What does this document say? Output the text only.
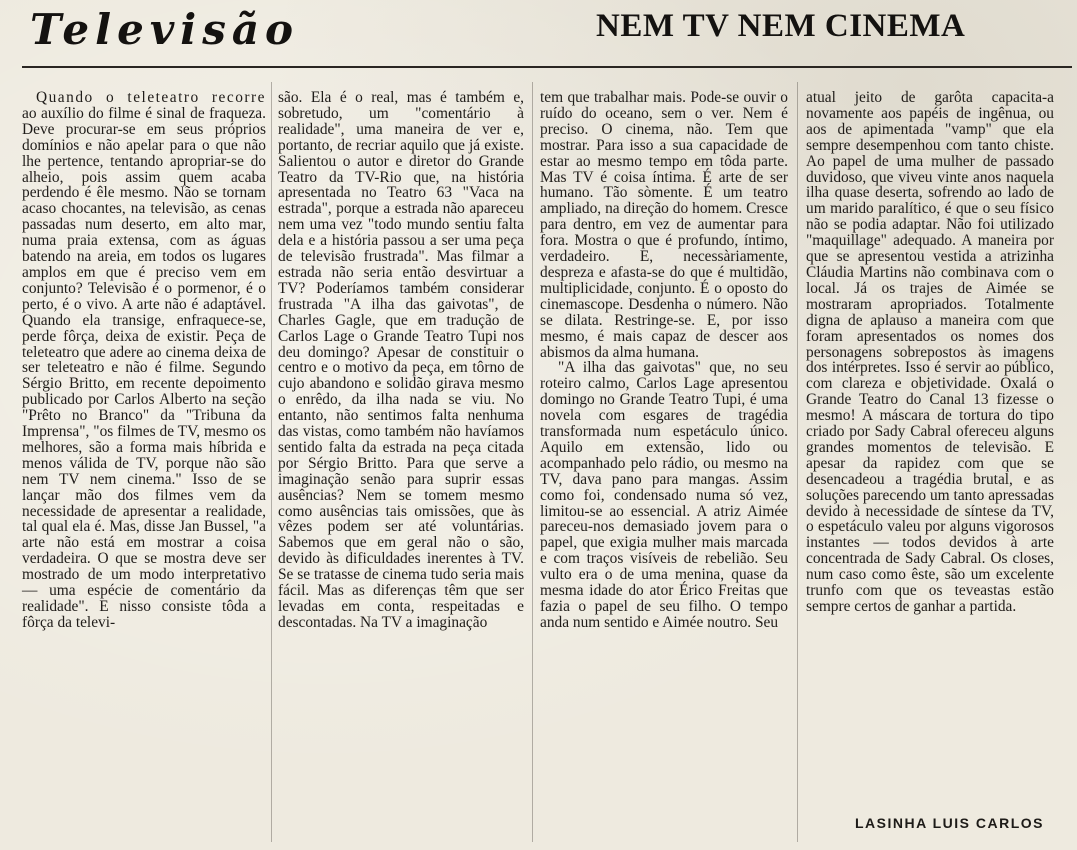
Televisão	NEM TV NEM CINEMA

Quando o teleteatro recorre ao auxílio do filme é sinal de fraqueza. Deve procurar-se em seus próprios domínios e não apelar para o que não lhe pertence, tentando apropriar-se do alheio, pois assim quem acaba perdendo é êle mesmo. Não se tornam acaso chocantes, na televisão, as cenas passadas num deserto, em alto mar, numa praia extensa, com as águas batendo na areia, em todos os lugares amplos em que é preciso vem em conjunto? Televisão é o pormenor, é o perto, é o vivo. A arte não é adaptável. Quando ela transige, enfraquece-se, perde fôrça, deixa de existir. Peça de teleteatro que adere ao cinema deixa de ser teleteatro e não é filme. Segundo Sérgio Britto, em recente depoimento publicado por Carlos Alberto na seção "Prêto no Branco" da "Tribuna da Imprensa", "os filmes de TV, mesmo os melhores, são a forma mais híbrida e menos válida de TV, porque não são nem TV nem cinema." Isso de se lançar mão dos filmes vem da necessidade de apresentar a realidade, tal qual ela é. Mas, disse Jan Bussel, "a arte não está em mostrar a coisa verdadeira. O que se mostra deve ser mostrado de um modo interpretativo — uma espécie de comentário da realidade". E nisso consiste tôda a fôrça da televi-

são. Ela é o real, mas é também e, sobretudo, um "comentário à realidade", uma maneira de ver e, portanto, de recriar aquilo que já existe. Salientou o autor e diretor do Grande Teatro da TV-Rio que, na história apresentada no Teatro 63 "Vaca na estrada", porque a estrada não apareceu nem uma vez "todo mundo sentiu falta dela e a história passou a ser uma peça de televisão frustrada". Mas filmar a estrada não seria então desvirtuar a TV? Poderíamos também considerar frustrada "A ilha das gaivotas", de Charles Gagle, que em tradução de Carlos Lage o Grande Teatro Tupi nos deu domingo? Apesar de constituir o centro e o motivo da peça, em tôrno de cujo abandono e solidão girava mesmo o enrêdo, da ilha nada se viu. No entanto, não sentimos falta nenhuma das vistas, como também não havíamos sentido falta da estrada na peça citada por Sérgio Britto. Para que serve a imaginação senão para suprir essas ausências? Nem se tomem mesmo como ausências tais omissões, que às vêzes podem ser até voluntárias. Sabemos que em geral não o são, devido às dificuldades inerentes à TV. Se se tratasse de cinema tudo seria mais fácil. Mas as diferenças têm que ser levadas em conta, respeitadas e descontadas. Na TV a imaginação

tem que trabalhar mais. Pode-se ouvir o ruído do oceano, sem o ver. Nem é preciso. O cinema, não. Tem que mostrar. Para isso a sua capacidade de estar ao mesmo tempo em tôda parte. Mas TV é coisa íntima. É arte de ser humano. Tão sòmente. É um teatro ampliado, na direção do homem. Cresce para dentro, em vez de aumentar para fora. Mostra o que é profundo, íntimo, verdadeiro. E, necessàriamente, despreza e afasta-se do que é multidão, multiplicidade, conjunto. É o oposto do cinemascope. Desdenha o número. Não se dilata. Restringe-se. E, por isso mesmo, é mais capaz de descer aos abismos da alma humana.

"A ilha das gaivotas" que, no seu roteiro calmo, Carlos Lage apresentou domingo no Grande Teatro Tupi, é uma novela com esgares de tragédia transformada num espetáculo único. Aquilo em extensão, lido ou acompanhado pelo rádio, ou mesmo na TV, dava pano para mangas. Assim como foi, condensado numa só vez, limitou-se ao essencial. A atriz Aimée pareceu-nos demasiado jovem para o papel, que exigia mulher mais marcada e com traços visíveis de rebelião. Seu vulto era o de uma menina, quase da mesma idade do ator Érico Freitas que fazia o papel de seu filho. O tempo anda num sentido e Aimée noutro. Seu

atual jeito de garôta capacita-a novamente aos papéis de ingênua, ou aos de apimentada "vamp" que ela sempre desempenhou com tanto chiste. Ao papel de uma mulher de passado duvidoso, que viveu vinte anos naquela ilha quase deserta, sofrendo ao lado de um marido paralítico, é que o seu físico não se podia adaptar. Não foi utilizado "maquillage" adequado. A maneira por que se apresentou vestida a atrizinha Cláudia Martins não combinava com o local. Já os trajes de Aimée se mostraram apropriados. Totalmente digna de aplauso a maneira com que foram apresentados os nomes dos personagens sobrepostos às imagens dos intérpretes. Isso é servir ao público, com clareza e objetividade. Oxalá o Grande Teatro do Canal 13 fizesse o mesmo! A máscara de tortura do tipo criado por Sady Cabral ofereceu alguns grandes momentos de televisão. E apesar da rapidez com que se desencadeou a tragédia brutal, e as soluções parecendo um tanto apressadas devido à necessidade de síntese da TV, o espetáculo valeu por alguns vigorosos instantes — todos devidos à arte concentrada de Sady Cabral. Os closes, num caso como êste, são um excelente trunfo com que os teveastas estão sempre certos de ganhar a partida.

LASINHA LUIS CARLOS
